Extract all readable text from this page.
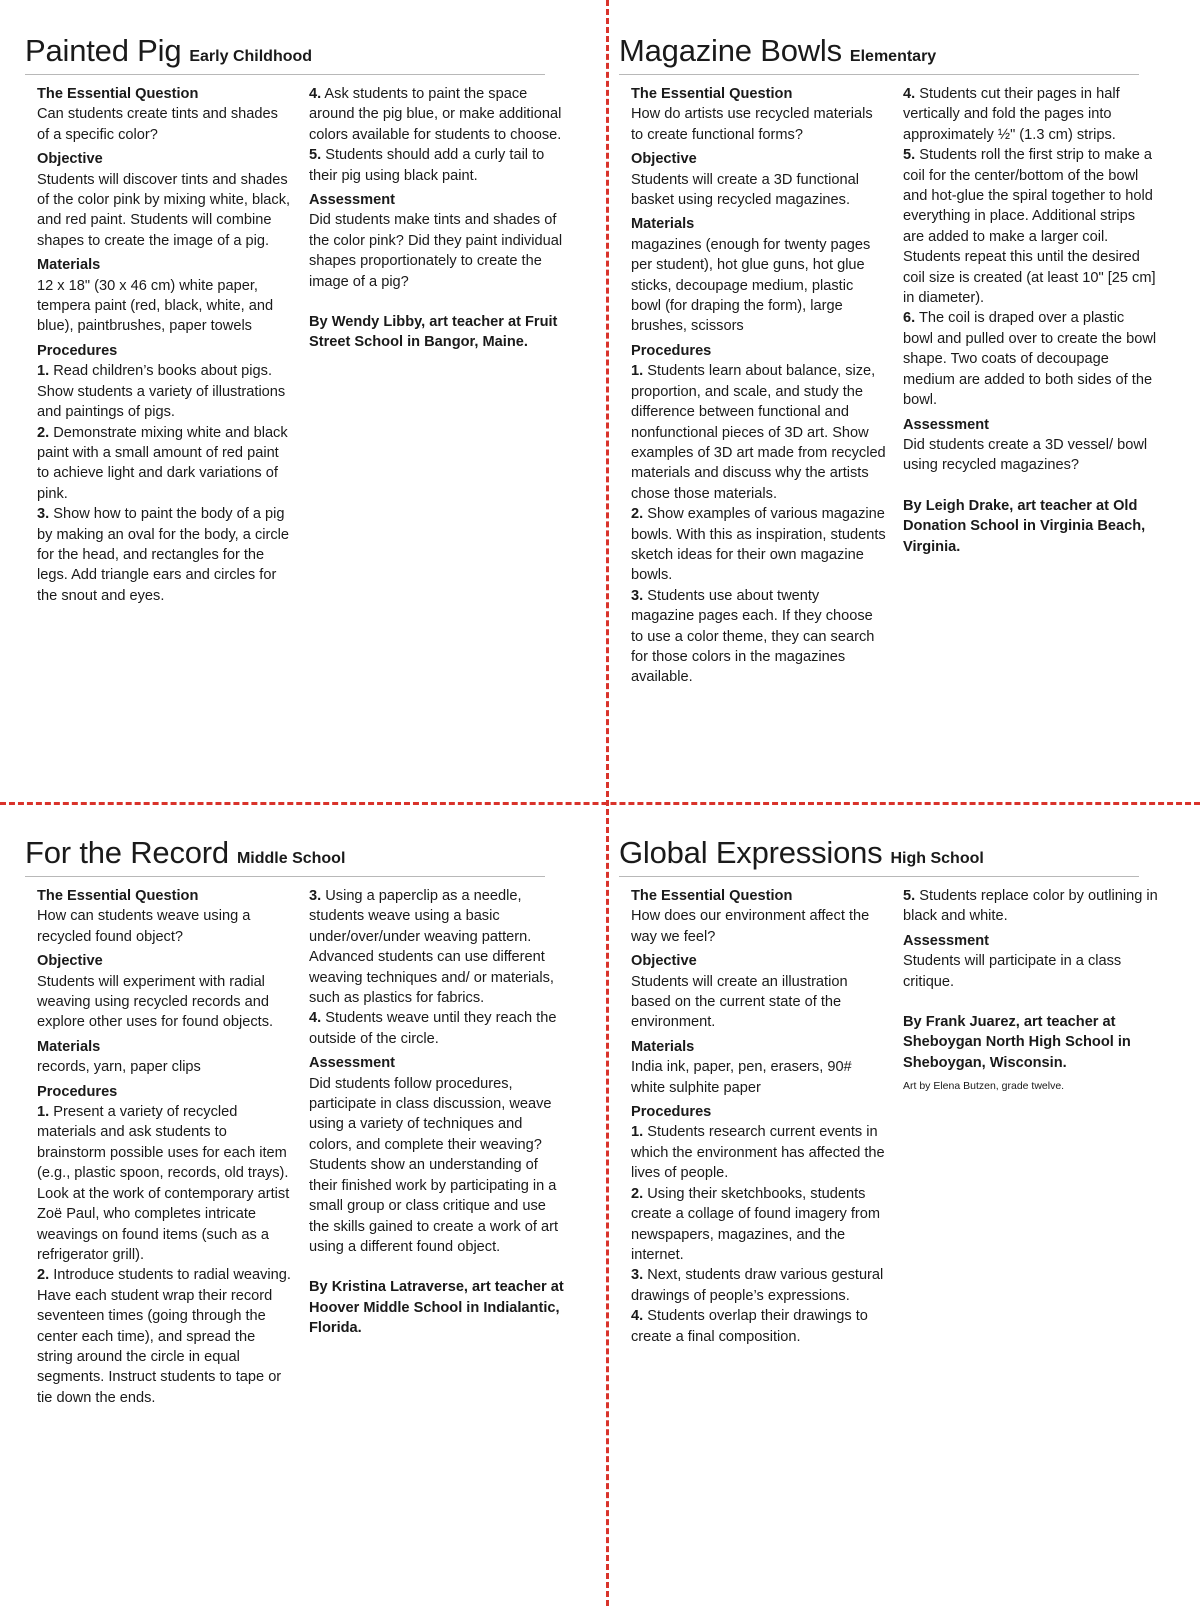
Painted Pig Early Childhood
The Essential Question
Can students create tints and shades of a specific color?
Objective
Students will discover tints and shades of the color pink by mixing white, black, and red paint. Students will combine shapes to create the image of a pig.
Materials
12 x 18" (30 x 46 cm) white paper, tempera paint (red, black, white, and blue), paintbrushes, paper towels
Procedures
1. Read children’s books about pigs. Show students a variety of illustrations and paintings of pigs.
2. Demonstrate mixing white and black paint with a small amount of red paint to achieve light and dark variations of pink.
3. Show how to paint the body of a pig by making an oval for the body, a circle for the head, and rectangles for the legs. Add triangle ears and circles for the snout and eyes.
4. Ask students to paint the space around the pig blue, or make additional colors available for students to choose.
5. Students should add a curly tail to their pig using black paint.
Assessment
Did students make tints and shades of the color pink? Did they paint individual shapes proportionately to create the image of a pig?
By Wendy Libby, art teacher at Fruit Street School in Bangor, Maine.
Magazine Bowls Elementary
The Essential Question
How do artists use recycled materials to create functional forms?
Objective
Students will create a 3D functional basket using recycled magazines.
Materials
magazines (enough for twenty pages per student), hot glue guns, hot glue sticks, decoupage medium, plastic bowl (for draping the form), large brushes, scissors
Procedures
1. Students learn about balance, size, proportion, and scale, and study the difference between functional and nonfunctional pieces of 3D art. Show examples of 3D art made from recycled materials and discuss why the artists chose those materials.
2. Show examples of various magazine bowls. With this as inspiration, students sketch ideas for their own magazine bowls.
3. Students use about twenty magazine pages each. If they choose to use a color theme, they can search for those colors in the magazines available.
4. Students cut their pages in half vertically and fold the pages into approximately ½" (1.3 cm) strips.
5. Students roll the first strip to make a coil for the center/bottom of the bowl and hot-glue the spiral together to hold everything in place. Additional strips are added to make a larger coil. Students repeat this until the desired coil size is created (at least 10" [25 cm] in diameter).
6. The coil is draped over a plastic bowl and pulled over to create the bowl shape. Two coats of decoupage medium are added to both sides of the bowl.
Assessment
Did students create a 3D vessel/ bowl using recycled magazines?
By Leigh Drake, art teacher at Old Donation School in Virginia Beach, Virginia.
For the Record Middle School
The Essential Question
How can students weave using a recycled found object?
Objective
Students will experiment with radial weaving using recycled records and explore other uses for found objects.
Materials
records, yarn, paper clips
Procedures
1. Present a variety of recycled materials and ask students to brainstorm possible uses for each item (e.g., plastic spoon, records, old trays). Look at the work of contemporary artist Zoë Paul, who completes intricate weavings on found items (such as a refrigerator grill).
2. Introduce students to radial weaving. Have each student wrap their record seventeen times (going through the center each time), and spread the string around the circle in equal segments. Instruct students to tape or tie down the ends.
3. Using a paperclip as a needle, students weave using a basic under/over/under weaving pattern. Advanced students can use different weaving techniques and/ or materials, such as plastics for fabrics.
4. Students weave until they reach the outside of the circle.
Assessment
Did students follow procedures, participate in class discussion, weave using a variety of techniques and colors, and complete their weaving? Students show an understanding of their finished work by participating in a small group or class critique and use the skills gained to create a work of art using a different found object.
By Kristina Latraverse, art teacher at Hoover Middle School in Indialantic, Florida.
Global Expressions High School
The Essential Question
How does our environment affect the way we feel?
Objective
Students will create an illustration based on the current state of the environment.
Materials
India ink, paper, pen, erasers, 90# white sulphite paper
Procedures
1. Students research current events in which the environment has affected the lives of people.
2. Using their sketchbooks, students create a collage of found imagery from newspapers, magazines, and the internet.
3. Next, students draw various gestural drawings of people’s expressions.
4. Students overlap their drawings to create a final composition.
5. Students replace color by outlining in black and white.
Assessment
Students will participate in a class critique.
By Frank Juarez, art teacher at Sheboygan North High School in Sheboygan, Wisconsin.
Art by Elena Butzen, grade twelve.
